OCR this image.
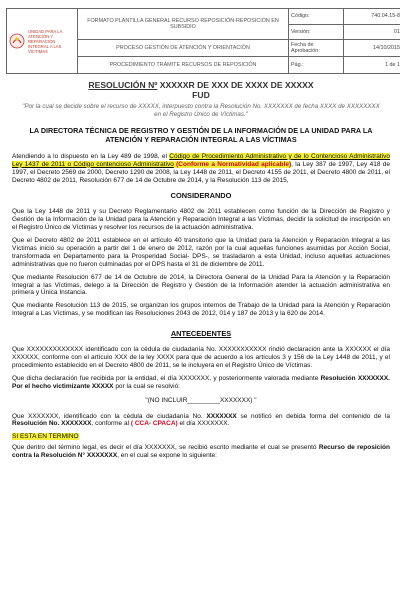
UNIDAD PARA LA ATENCIÓN Y REPARACIÓN INTEGRAL A LAS VÍCTIMAS	FORMATO PLANTILLA GENERAL RECURSO REPOSICIÓN-REPOSICIÓN EN SUBSIDIO	Código:	740.04.15-8
		Versión:	01
	PROCESO GESTIÓN DE ATENCIÓN Y ORIENTACIÓN	Fecha de Aprobación:	14/10/2015
	PROCEDIMIENTO TRÁMITE RECURSOS DE REPOSICIÓN	Pág.:	1 de 1

RESOLUCIÓN Nº XXXXXR DE XXX DE XXXX DE XXXXX

FUD

"Por la cual se decide sobre el recurso de XXXXX, interpuesto contra la Resolución No. XXXXXXX de fecha XXXX de XXXXXXXX en el Registro Único de Víctimas."

LA DIRECTORA TÉCNICA DE REGISTRO Y GESTIÓN DE LA INFORMACIÓN DE LA UNIDAD PARA LA ATENCIÓN Y REPARACIÓN INTEGRAL A LAS VÍCTIMAS

Atendiendo a lo dispuesto en la Ley 489 de 1998, el Código de Procedimiento Administrativo y de lo Contencioso Administrativo Ley 1437 de 2011 o Código contencioso Administrativo (Conforme a Normatividad aplicable), la Ley 387 de 1997, Ley 418 de 1997, el Decreto 2569 de 2000, Decreto 1290 de 2008, la Ley 1448 de 2011, el Decreto 4155 de 2011, el Decreto 4800 de 2011, el Decreto 4802 de 2011, Resolución 677 de 14 de Octubre de 2014, y la Resolución 113 de 2015,

CONSIDERANDO

Que la Ley 1448 de 2011 y su Decreto Reglamentario 4802 de 2011 establecen como función de la Dirección de Registro y Gestión de la Información de la Unidad para la Atención y Reparación Integral a las Víctimas, decidir la solicitud de inscripción en el Registro Único de Víctimas y resolver los recursos de la actuación administrativa.

Que el Decreto 4802 de 2011 establece en el artículo 40 transitorio que la Unidad para la Atención y Reparación Integral a las Víctimas inició su operación a partir del 1 de enero de 2012, razón por la cual aquellas funciones asumidas por Acción Social, transformada en Departamento para la Prosperidad Social- DPS-, se trasladaron a esta Unidad, incluso aquellas actuaciones administrativas que no fueron culminadas por el DPS hasta el 31 de diciembre de 2011.

Que mediante Resolución 677 de 14 de Octubre de 2014, la Directora General de la Unidad Para la Atención y la Reparación Integral a las Víctimas, delego a la Dirección de Registro y Gestión de la Información atender la actuación administrativa en primera y Única Instancia.

Que mediante Resolución 113 de 2015, se organizan los grupos internos de Trabajo de la Unidad para la Atención y Reparación Integral a Las Víctimas, y se modifican las Resoluciones 2043 de 2012, 014 y 187 de 2013 y la 620 de 2014.

ANTECEDENTES

Que XXXXXXXXXXXXX identificado con la cédula de ciudadanía No. XXXXXXXXXXX rindió declaración ante la XXXXXX el día XXXXXX, conforme con el artículo XXX de la ley XXXX para que de acuerdo a los artículos 3 y 156 de la Ley 1448 de 2011, y el procedimiento establecido en el Decreto 4800 de 2011, se le incluyera en el Registro Único de Víctimas.

Que dicha declaración fue recibida por la entidad, el día XXXXXXX, y posteriormente valorada mediante Resolución XXXXXXX. Por el hecho victimizante XXXXX por la cual se resolvió:

"(NO INCLUIR_________XXXXXXX) "

Que XXXXXXX, identificado con la cédula de ciudadanía No. XXXXXXX se notificó en debida forma del contenido de la Resolución No. XXXXXXX, conforme al ( CCA- CPACA) el día XXXXXXX.

SI ESTA EN TERMINO

Que dentro del término legal, es decir el día XXXXXXX, se recibió escrito mediante el cual se presentó Recurso de reposición contra la Resolución N° XXXXXXX, en el cual se expone lo siguiente:
